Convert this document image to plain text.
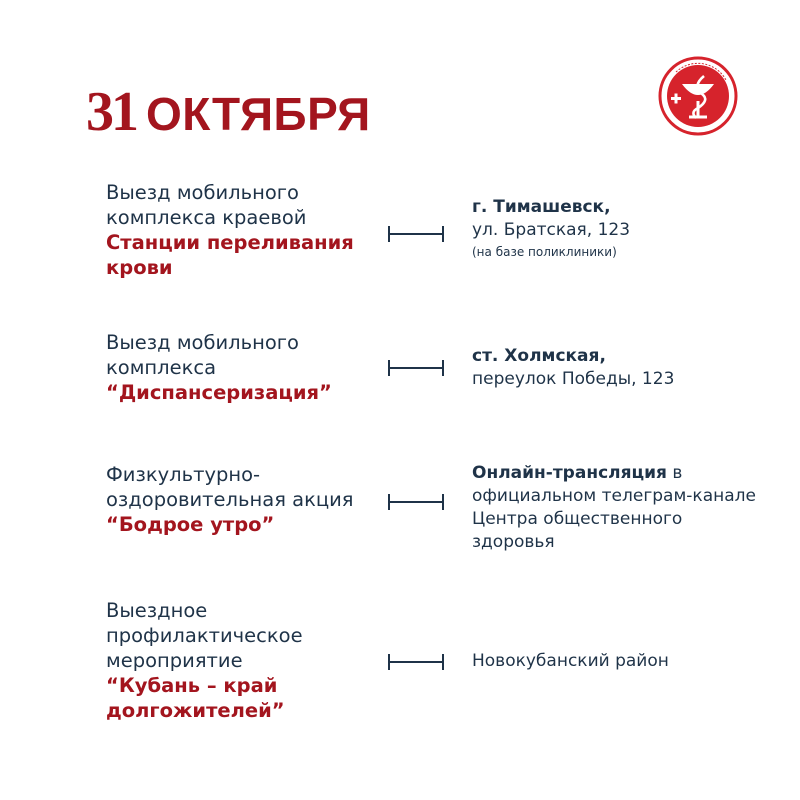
31 ОКТЯБРЯ
Выезд мобильного
комплекса краевой
Станции переливания
крови
г. Тимашевск,
ул. Братская, 123
(на базе поликлиники)
Выезд мобильного
комплекса
“Диспансеризация”
ст. Холмская,
переулок Победы, 123
Физкультурно-
оздоровительная акция
“Бодрое утро”
Онлайн-трансляция в
официальном телеграм-канале
Центра общественного
здоровья
Выездное
профилактическое
мероприятие
“Кубань – край
долгожителей”
Новокубанский район
